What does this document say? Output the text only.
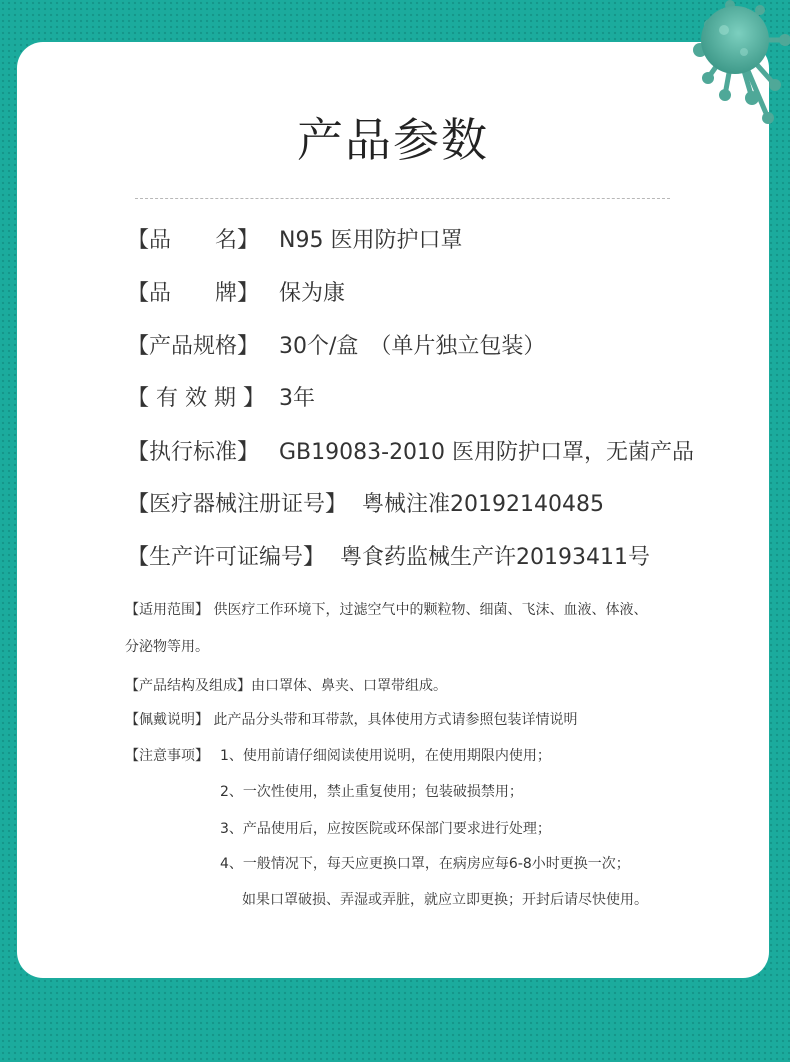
产品参数
【品　　名】 N95 医用防护口罩
【品　　牌】 保为康
【产品规格】 30个/盒　（单片独立包装）
【 有 效 期 】 3年
【执行标准】 GB19083-2010 医用防护口罩，无菌产品
【医疗器械注册证号】 粤械注准20192140485
【生产许可证编号】 粤食药监械生产许20193411号
【适用范围】 供医疗工作环境下，过滤空气中的颗粒物、细菌、飞沫、血液、体液、
分泌物等用。
【产品结构及组成】由口罩体、鼻夹、口罩带组成。
【佩戴说明】 此产品分头带和耳带款，具体使用方式请参照包装详情说明
【注意事项】 1、使用前请仔细阅读使用说明，在使用期限内使用；
2、一次性使用，禁止重复使用；包装破损禁用；
3、产品使用后，应按医院或环保部门要求进行处理；
4、一般情况下，每天应更换口罩，在病房应每6-8小时更换一次；
如果口罩破损、弄湿或弄脏，就应立即更换；开封后请尽快使用。
